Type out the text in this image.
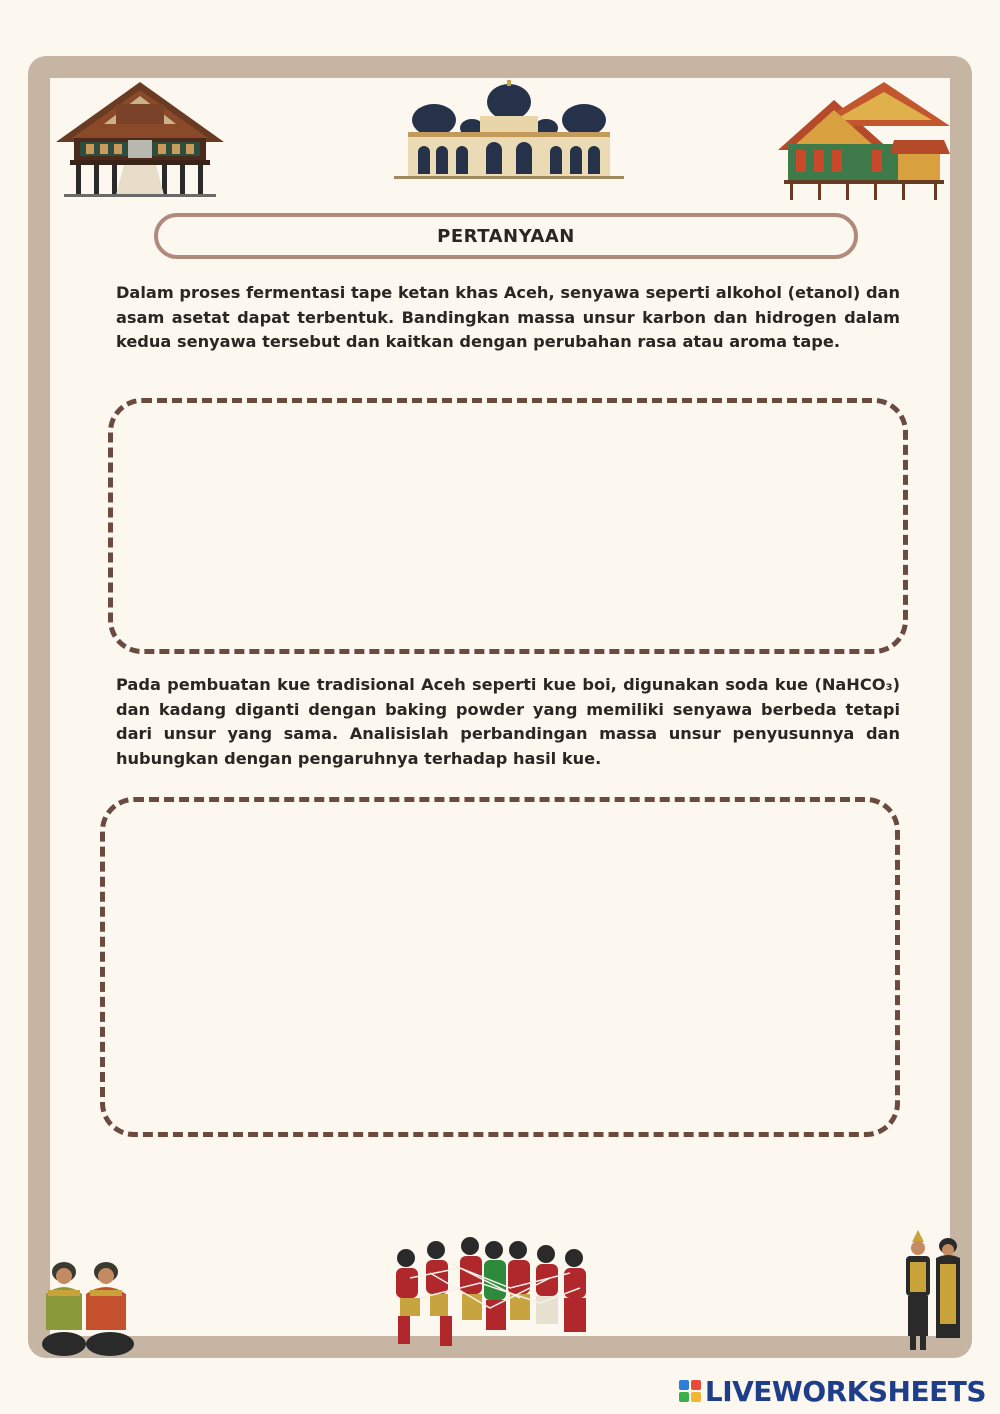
PERTANYAAN
Dalam proses fermentasi tape ketan khas Aceh, senyawa seperti alkohol (etanol) dan asam asetat dapat terbentuk. Bandingkan massa unsur karbon dan hidrogen dalam kedua senyawa tersebut dan kaitkan dengan perubahan rasa atau aroma tape.
Pada pembuatan kue tradisional Aceh seperti kue boi, digunakan soda kue (NaHCO₃) dan kadang diganti dengan baking powder yang memiliki senyawa berbeda tetapi dari unsur yang sama. Analisislah perbandingan massa unsur penyusunnya dan hubungkan dengan pengaruhnya terhadap hasil kue.
LIVEWORKSHEETS
